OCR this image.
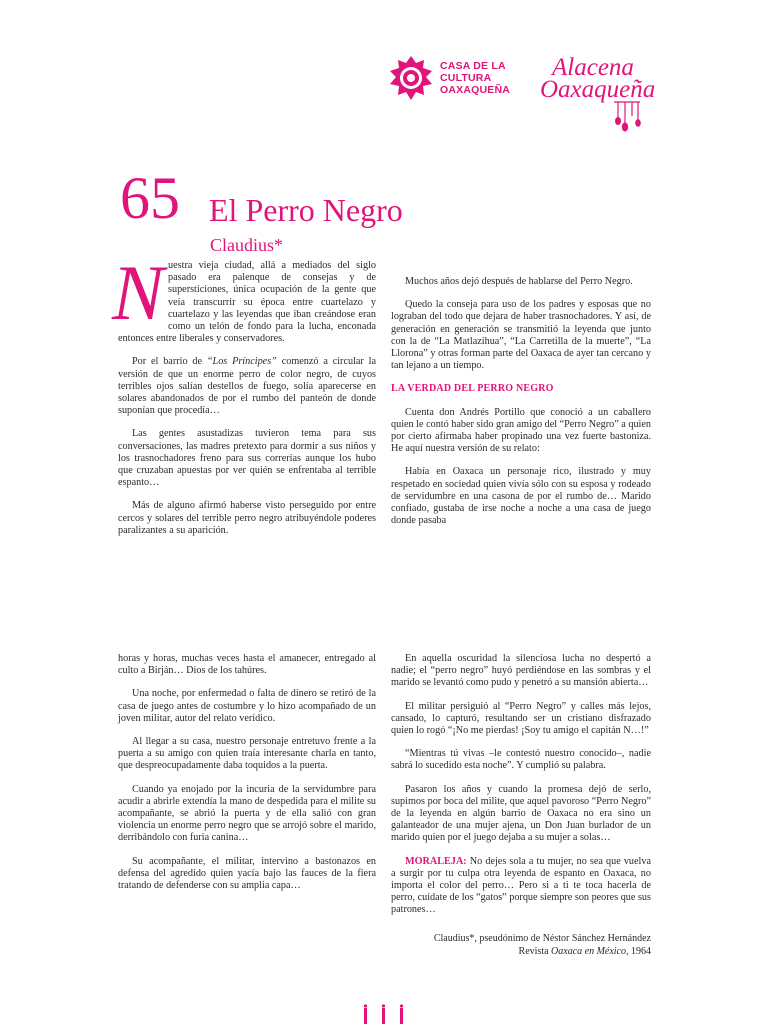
CASA DE LA
CULTURA
OAXAQUEÑA
Alacena
Oaxaqueña
65 El Perro Negro
Claudius*

Nuestra vieja ciudad, allá a mediados del siglo pasado era palenque de consejas y de supersticiones, única ocupación de la gente que veía transcurrir su época entre cuartelazo y cuartelazo y las leyendas que iban creándose eran como un telón de fondo para la lucha, enconada entonces entre liberales y conservadores.

Por el barrio de “Los Príncipes” comenzó a circular la versión de que un enorme perro de color negro, de cuyos terribles ojos salían destellos de fuego, solía aparecerse en solares abandonados de por el rumbo del panteón de donde suponían que procedía…

Las gentes asustadizas tuvieron tema para sus conversaciones, las madres pretexto para dormir a sus niños y los trasnochadores freno para sus correrías aunque los hubo que cruzaban apuestas por ver quién se enfrentaba al terrible espanto…

Más de alguno afirmó haberse visto perseguido por entre cercos y solares del terrible perro negro atribuyéndole poderes paralizantes a su aparición.

Muchos años dejó después de hablarse del Perro Negro.

Quedo la conseja para uso de los padres y esposas que no lograban del todo que dejara de haber trasnochadores. Y así, de generación en generación se transmitió la leyenda que junto con la de “La Matlazihua”, “La Carretilla de la muerte”, “La Llorona” y otras forman parte del Oaxaca de ayer tan cercano y tan lejano a un tiempo.

LA VERDAD DEL PERRO NEGRO

Cuenta don Andrés Portillo que conoció a un caballero quien le contó haber sido gran amigo del “Perro Negro” a quien por cierto afirmaba haber propinado una vez fuerte bastoniza. He aquí nuestra versión de su relato:

Había en Oaxaca un personaje rico, ilustrado y muy respetado en sociedad quien vivía sólo con su esposa y rodeado de servidumbre en una casona de por el rumbo de… Marido confiado, gustaba de irse noche a noche a una casa de juego donde pasaba

horas y horas, muchas veces hasta el amanecer, entregado al culto a Birján… Dios de los tahúres.

Una noche, por enfermedad o falta de dinero se retiró de la casa de juego antes de costumbre y lo hizo acompañado de un joven militar, autor del relato verídico.

Al llegar a su casa, nuestro personaje entretuvo frente a la puerta a su amigo con quien traía interesante charla en tanto, que despreocupadamente daba toquidos a la puerta.

Cuando ya enojado por la incuria de la servidumbre para acudir a abrirle extendía la mano de despedida para el milite su acompañante, se abrió la puerta y de ella salió con gran violencia un enorme perro negro que se arrojó sobre el marido, derribándolo con furia canina…

Su acompañante, el militar, intervino a bastonazos en defensa del agredido quien yacía bajo las fauces de la fiera tratando de defenderse con su amplia capa…

En aquella oscuridad la silenciosa lucha no despertó a nadie; el “perro negro” huyó perdiéndose en las sombras y el marido se levantó como pudo y penetró a su mansión abierta…

El militar persiguió al “Perro Negro” y calles más lejos, cansado, lo capturó, resultando ser un cristiano disfrazado quien lo rogó “¡No me pierdas! ¡Soy tu amigo el capitán N…!”

“Mientras tú vivas –le contestó nuestro conocido–, nadie sabrá lo sucedido esta noche”. Y cumplió su palabra.

Pasaron los años y cuando la promesa dejó de serlo, supimos por boca del milite, que aquel pavoroso “Perro Negro” de la leyenda en algún barrio de Oaxaca no era sino un galanteador de una mujer ajena, un Don Juan burlador de un marido quien por el juego dejaba a su mujer a solas…

MORALEJA: No dejes sola a tu mujer, no sea que vuelva a surgir por tu culpa otra leyenda de espanto en Oaxaca, no importa el color del perro… Pero si a ti te toca hacerla de perro, cuídate de los “gatos” porque siempre son peores que sus patrones…

Claudius*, pseudónimo de Néstor Sánchez Hernández
Revista Oaxaca en México, 1964
